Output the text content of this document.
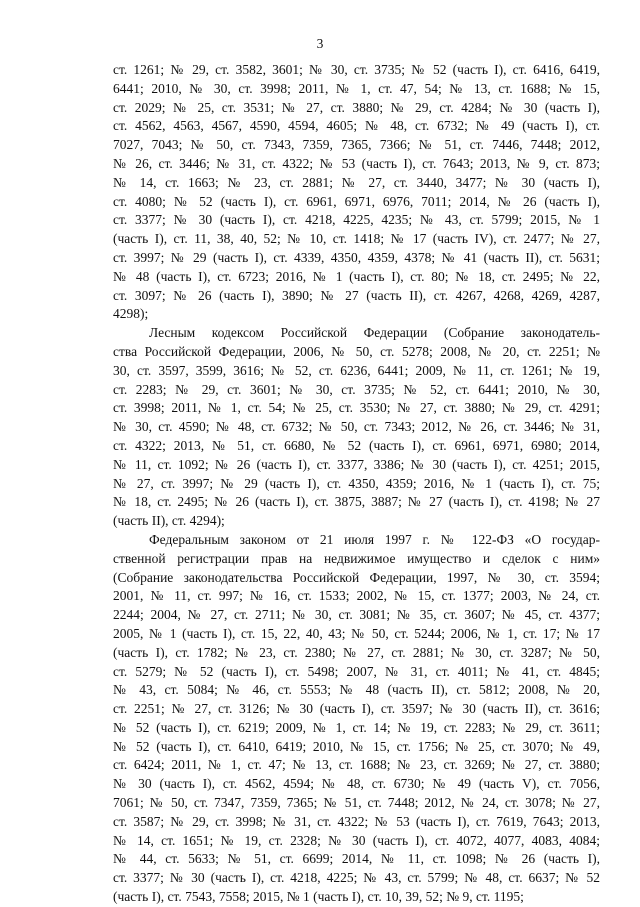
3
ст. 1261; № 29, ст. 3582, 3601; № 30, ст. 3735; № 52 (часть I), ст. 6416, 6419,
6441; 2010, № 30, ст. 3998; 2011, № 1, ст. 47, 54; № 13, ст. 1688; № 15,
ст. 2029; № 25, ст. 3531; № 27, ст. 3880; № 29, ст. 4284; № 30 (часть I),
ст. 4562, 4563, 4567, 4590, 4594, 4605; № 48, ст. 6732; № 49 (часть I), ст.
7027, 7043; № 50, ст. 7343, 7359, 7365, 7366; № 51, ст. 7446, 7448; 2012,
№ 26, ст. 3446; № 31, ст. 4322; № 53 (часть I), ст. 7643; 2013, № 9, ст. 873;
№ 14, ст. 1663; № 23, ст. 2881; № 27, ст. 3440, 3477; № 30 (часть I),
ст. 4080; № 52 (часть I), ст. 6961, 6971, 6976, 7011; 2014, № 26 (часть I),
ст. 3377; № 30 (часть I), ст. 4218, 4225, 4235; № 43, ст. 5799; 2015, № 1
(часть I), ст. 11, 38, 40, 52; № 10, ст. 1418; № 17 (часть IV), ст. 2477; № 27,
ст. 3997; № 29 (часть I), ст. 4339, 4350, 4359, 4378; № 41 (часть II), ст. 5631;
№ 48 (часть I), ст. 6723; 2016, № 1 (часть I), ст. 80; № 18, ст. 2495; № 22,
ст. 3097; № 26 (часть I), 3890; № 27 (часть II), ст. 4267, 4268, 4269, 4287,
4298);
Лесным кодексом Российской Федерации (Собрание законодатель-
ства Российской Федерации, 2006, № 50, ст. 5278; 2008, № 20, ст. 2251; №
30, ст. 3597, 3599, 3616; № 52, ст. 6236, 6441; 2009, № 11, ст. 1261; № 19,
ст. 2283; № 29, ст. 3601; № 30, ст. 3735; № 52, ст. 6441; 2010, № 30,
ст. 3998; 2011, № 1, ст. 54; № 25, ст. 3530; № 27, ст. 3880; № 29, ст. 4291;
№ 30, ст. 4590; № 48, ст. 6732; № 50, ст. 7343; 2012, № 26, ст. 3446; № 31,
ст. 4322; 2013, № 51, ст. 6680, № 52 (часть I), ст. 6961, 6971, 6980; 2014,
№ 11, ст. 1092; № 26 (часть I), ст. 3377, 3386; № 30 (часть I), ст. 4251; 2015,
№ 27, ст. 3997; № 29 (часть I), ст. 4350, 4359; 2016, № 1 (часть I), ст. 75;
№ 18, ст. 2495; № 26 (часть I), ст. 3875, 3887; № 27 (часть I), ст. 4198; № 27
(часть II), ст. 4294);
Федеральным законом от 21 июля 1997 г. № 122-ФЗ «О государ-
ственной регистрации прав на недвижимое имущество и сделок с ним»
(Собрание законодательства Российской Федерации, 1997, № 30, ст. 3594;
2001, № 11, ст. 997; № 16, ст. 1533; 2002, № 15, ст. 1377; 2003, № 24, ст.
2244; 2004, № 27, ст. 2711; № 30, ст. 3081; № 35, ст. 3607; № 45, ст. 4377;
2005, № 1 (часть I), ст. 15, 22, 40, 43; № 50, ст. 5244; 2006, № 1, ст. 17; № 17
(часть I), ст. 1782; № 23, ст. 2380; № 27, ст. 2881; № 30, ст. 3287; № 50,
ст. 5279; № 52 (часть I), ст. 5498; 2007, № 31, ст. 4011; № 41, ст. 4845;
№ 43, ст. 5084; № 46, ст. 5553; № 48 (часть II), ст. 5812; 2008, № 20,
ст. 2251; № 27, ст. 3126; № 30 (часть I), ст. 3597; № 30 (часть II), ст. 3616;
№ 52 (часть I), ст. 6219; 2009, № 1, ст. 14; № 19, ст. 2283; № 29, ст. 3611;
№ 52 (часть I), ст. 6410, 6419; 2010, № 15, ст. 1756; № 25, ст. 3070; № 49,
ст. 6424; 2011, № 1, ст. 47; № 13, ст. 1688; № 23, ст. 3269; № 27, ст. 3880;
№ 30 (часть I), ст. 4562, 4594; № 48, ст. 6730; № 49 (часть V), ст. 7056,
7061; № 50, ст. 7347, 7359, 7365; № 51, ст. 7448; 2012, № 24, ст. 3078; № 27,
ст. 3587; № 29, ст. 3998; № 31, ст. 4322; № 53 (часть I), ст. 7619, 7643; 2013,
№ 14, ст. 1651; № 19, ст. 2328; № 30 (часть I), ст. 4072, 4077, 4083, 4084;
№ 44, ст. 5633; № 51, ст. 6699; 2014, № 11, ст. 1098; № 26 (часть I),
ст. 3377; № 30 (часть I), ст. 4218, 4225; № 43, ст. 5799; № 48, ст. 6637; № 52
(часть I), ст. 7543, 7558; 2015, № 1 (часть I), ст. 10, 39, 52; № 9, ст. 1195;
